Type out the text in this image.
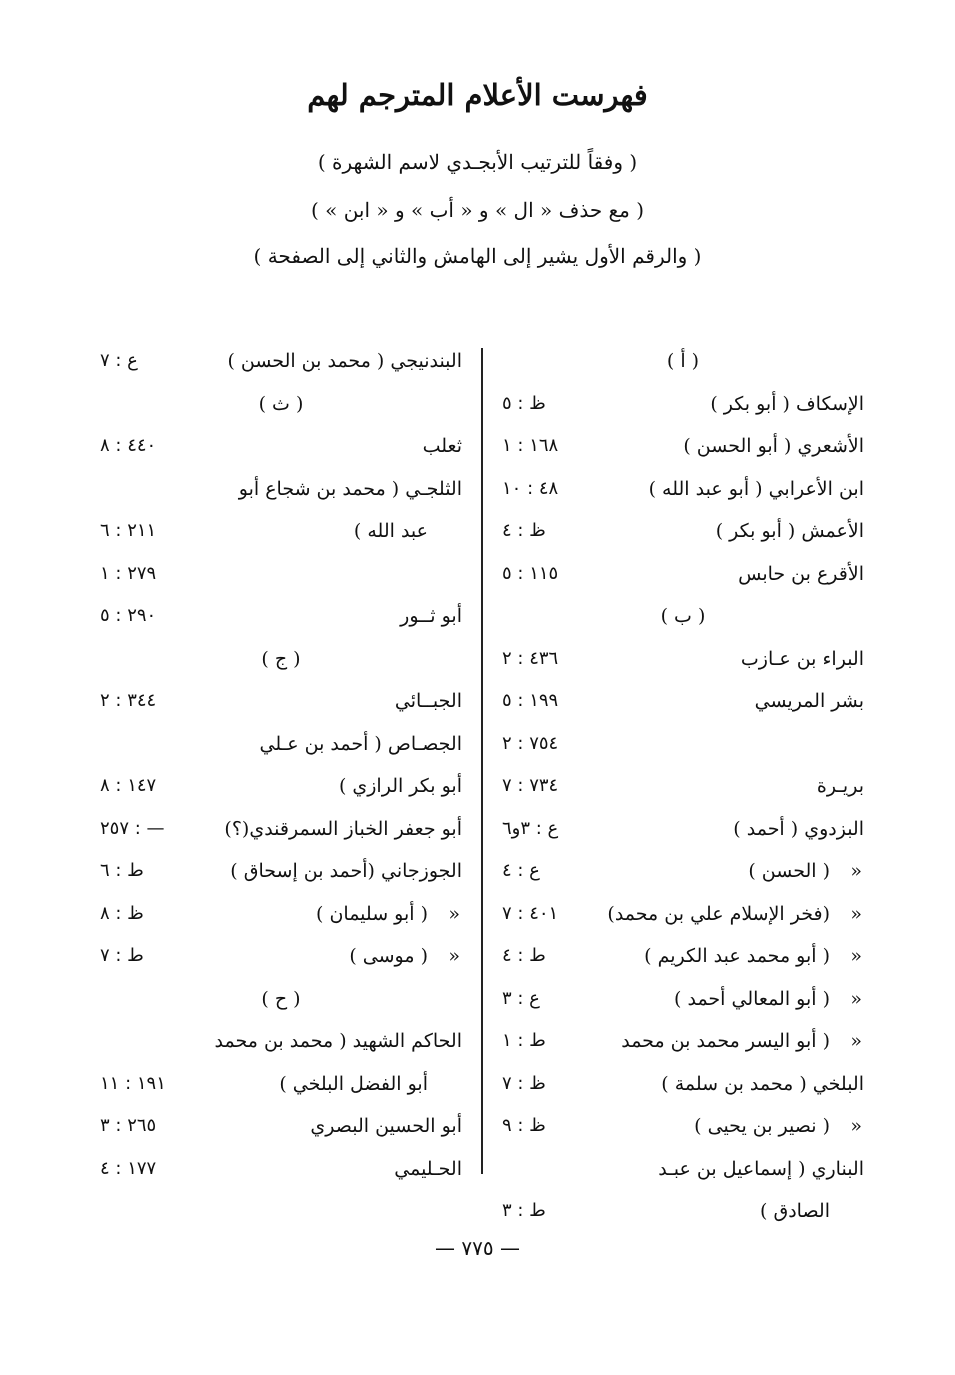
فهرست الأعلام المترجم لهم
( وفقاً للترتيب الأبجـدي لاسم الشهرة )
( مع حذف « ال » و « أب » و « ابن » )
( والرقم الأول يشير إلى الهامش والثاني إلى الصفحة )
( أ )
الإسكاف ( أبو بكر )
ظ : ٥
الأشعري ( أبو الحسن )
١٦٨ : ١
ابن الأعرابي ( أبو عبد الله )
٤٨ : ١٠
الأعمش ( أبو بكر )
ظ : ٤
الأقرع بن حابس
١١٥ : ٥
( ب )
البراء بن عـازب
٤٣٦ : ٢
بشر المريسي
١٩٩ : ٥
٧٥٤ : ٢
بريـرة
٧٣٤ : ٧
البزدوي ( أحمد )
ع : ٣و٦
«
( الحسن )
ع : ٤
«
(فخر الإسلام علي بن محمد)
٤٠١ : ٧
«
( أبو محمد عبد الكريم )
ط : ٤
«
( أبو المعالي أحمد )
ع : ٣
«
( أبو اليسر محمد بن محمد
ط : ١
البلخي ( محمد بن سلمة )
ظ : ٧
«
( نصير بن يحيى )
ظ : ٩
البناري ( إسماعيل بن عبـد
الصادق )
ط : ٣
البندنيجي ( محمد بن الحسن )
ع : ٧
( ث )
ثعلب
٤٤٠ : ٨
الثلجـي ( محمد بن شجاع أبو
عبد الله )
٢١١ : ٦
٢٧٩ : ١
أبو ثــور
٢٩٠ : ٥
( ج )
الجبــائي
٣٤٤ : ٢
الجصـاص ( أحمد بن عـلي
أبو بكر الرازي )
١٤٧ : ٨
أبو جعفر الخباز السمرقندي(؟)
٢٥٧ : —
الجوزجاني (أحمد بن إسحاق )
ط : ٦
«
( أبو سليمان )
ظ : ٨
«
( موسى )
ط : ٧
( ح )
الحاكم الشهيد ( محمد بن محمد
أبو الفضل البلخي )
١٩١ : ١١
أبو الحسين البصري
٢٦٥ : ٣
الحـليمي
١٧٧ : ٤
— ٧٧٥ —
